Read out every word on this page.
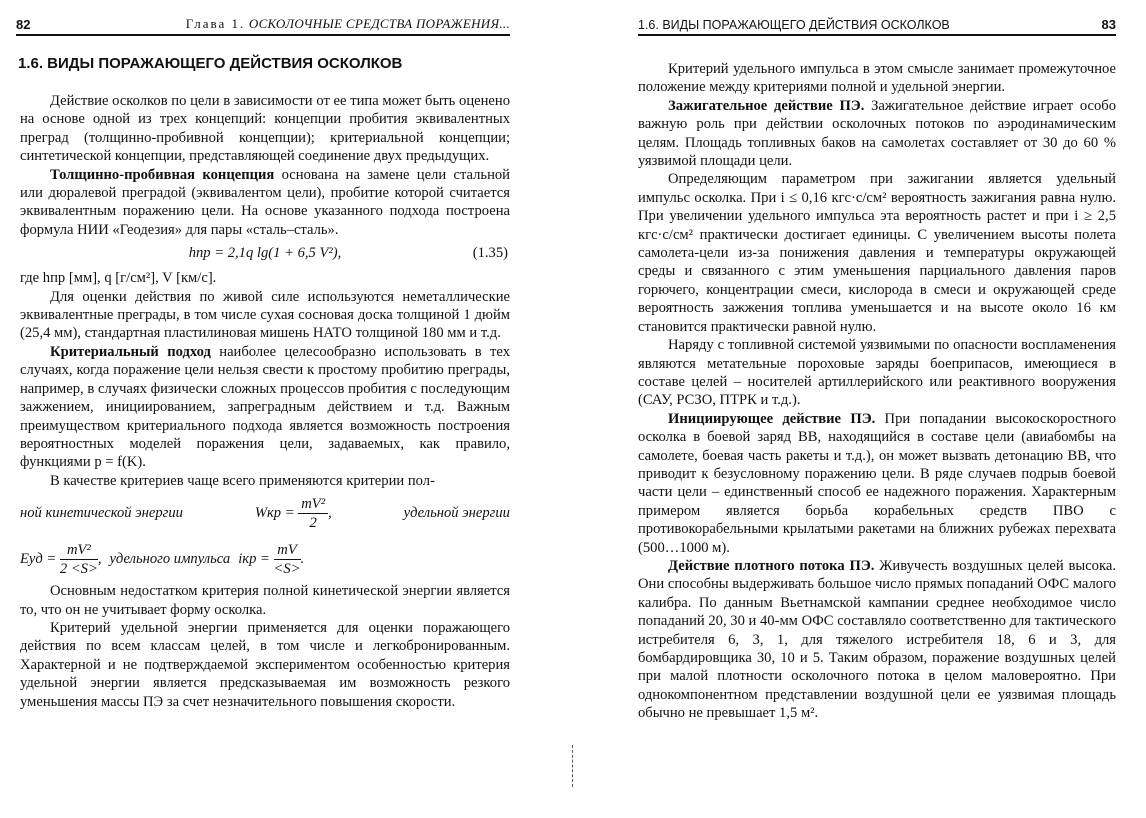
82	Глава 1. ОСКОЛОЧНЫЕ СРЕДСТВА ПОРАЖЕНИЯ...
1.6. ВИДЫ ПОРАЖАЮЩЕГО ДЕЙСТВИЯ ОСКОЛКОВ

Действие осколков по цели в зависимости от ее типа может быть оценено на основе одной из трех концепций: концепции пробития эквивалентных преград (толщинно-пробивной концепции); критериальной концепции; синтетической концепции, представляющей соединение двух предыдущих.

Толщинно-пробивная концепция основана на замене цели стальной или дюралевой преградой (эквивалентом цели), пробитие которой считается эквивалентным поражению цели. На основе указанного подхода построена формула НИИ «Геодезия» для пары «сталь–сталь».

hпр = 2,1q lg(1 + 6,5 V²),	(1.35)

где hпр [мм], q [г/см²], V [км/с].

Для оценки действия по живой силе используются неметаллические эквивалентные преграды, в том числе сухая сосновая доска толщиной 1 дюйм (25,4 мм), стандартная пластилиновая мишень НАТО толщиной 180 мм и т.д.

Критериальный подход наиболее целесообразно использовать в тех случаях, когда поражение цели нельзя свести к простому пробитию преграды, например, в случаях физически сложных процессов пробития с последующим зажжением, инициированием, запреградным действием и т.д. Важным преимуществом критериального подхода является возможность построения вероятностных моделей поражения цели, задаваемых, как правило, функциями p = f(K).

В качестве критериев чаще всего применяются критерии пол-

ной кинетической энергии	Wкр = $\frac{\text{mV²}}{2}$ ,	удельной энергии
Eуд = $\frac{\text{mV²}}{2 <S>}$ , удельного импульса iкр = $\frac{mV}{<S>}$ .

Основным недостатком критерия полной кинетической энергии является то, что он не учитывает форму осколка.

Критерий удельной энергии применяется для оценки поражающего действия по всем классам целей, в том числе и легкобронированным. Характерной и не подтверждаемой экспериментом особенностью критерия удельной энергии является предсказываемая им возможность резкого уменьшения массы ПЭ за счет незначительного повышения скорости.

1.6. ВИДЫ ПОРАЖАЮЩЕГО ДЕЙСТВИЯ ОСКОЛКОВ	83

Критерий удельного импульса в этом смысле занимает промежуточное положение между критериями полной и удельной энергии.

Зажигательное действие ПЭ. Зажигательное действие играет особо важную роль при действии осколочных потоков по аэродинамическим целям. Площадь топливных баков на самолетах составляет от 30 до 60 % уязвимой площади цели.

Определяющим параметром при зажигании является удельный импульс осколка. При i ≤ 0,16 кгс·с/см² вероятность зажигания равна нулю. При увеличении удельного импульса эта вероятность растет и при i ≥ 2,5 кгс·с/см² практически достигает единицы. С увеличением высоты полета самолета-цели из-за понижения давления и температуры окружающей среды и связанного с этим уменьшения парциального давления паров горючего, концентрации смеси, кислорода в смеси и окружающей среде вероятность зажжения топлива уменьшается и на высоте около 16 км становится практически равной нулю.

Наряду с топливной системой уязвимыми по опасности воспламенения являются метательные пороховые заряды боеприпасов, имеющиеся в составе целей – носителей артиллерийского или реактивного вооружения (САУ, РСЗО, ПТРК и т.д.).

Инициирующее действие ПЭ. При попадании высокоскоростного осколка в боевой заряд ВВ, находящийся в составе цели (авиабомбы на самолете, боевая часть ракеты и т.д.), он может вызвать детонацию ВВ, что приводит к безусловному поражению цели. В ряде случаев подрыв боевой части цели – единственный способ ее надежного поражения. Характерным примером является борьба корабельных средств ПВО с противокорабельными крылатыми ракетами на ближних рубежах перехвата (500…1000 м).

Действие плотного потока ПЭ. Живучесть воздушных целей высока. Они способны выдерживать большое число прямых попаданий ОФС малого калибра. По данным Вьетнамской кампании среднее необходимое число попаданий 20, 30 и 40-мм ОФС составляло соответственно для тактического истребителя 6, 3, 1, для тяжелого истребителя 18, 6 и 3, для бомбардировщика 30, 10 и 5. Таким образом, поражение воздушных целей при малой плотности осколочного потока в целом маловероятно. При однокомпонентном представлении воздушной цели ее уязвимая площадь обычно не превышает 1,5 м².
